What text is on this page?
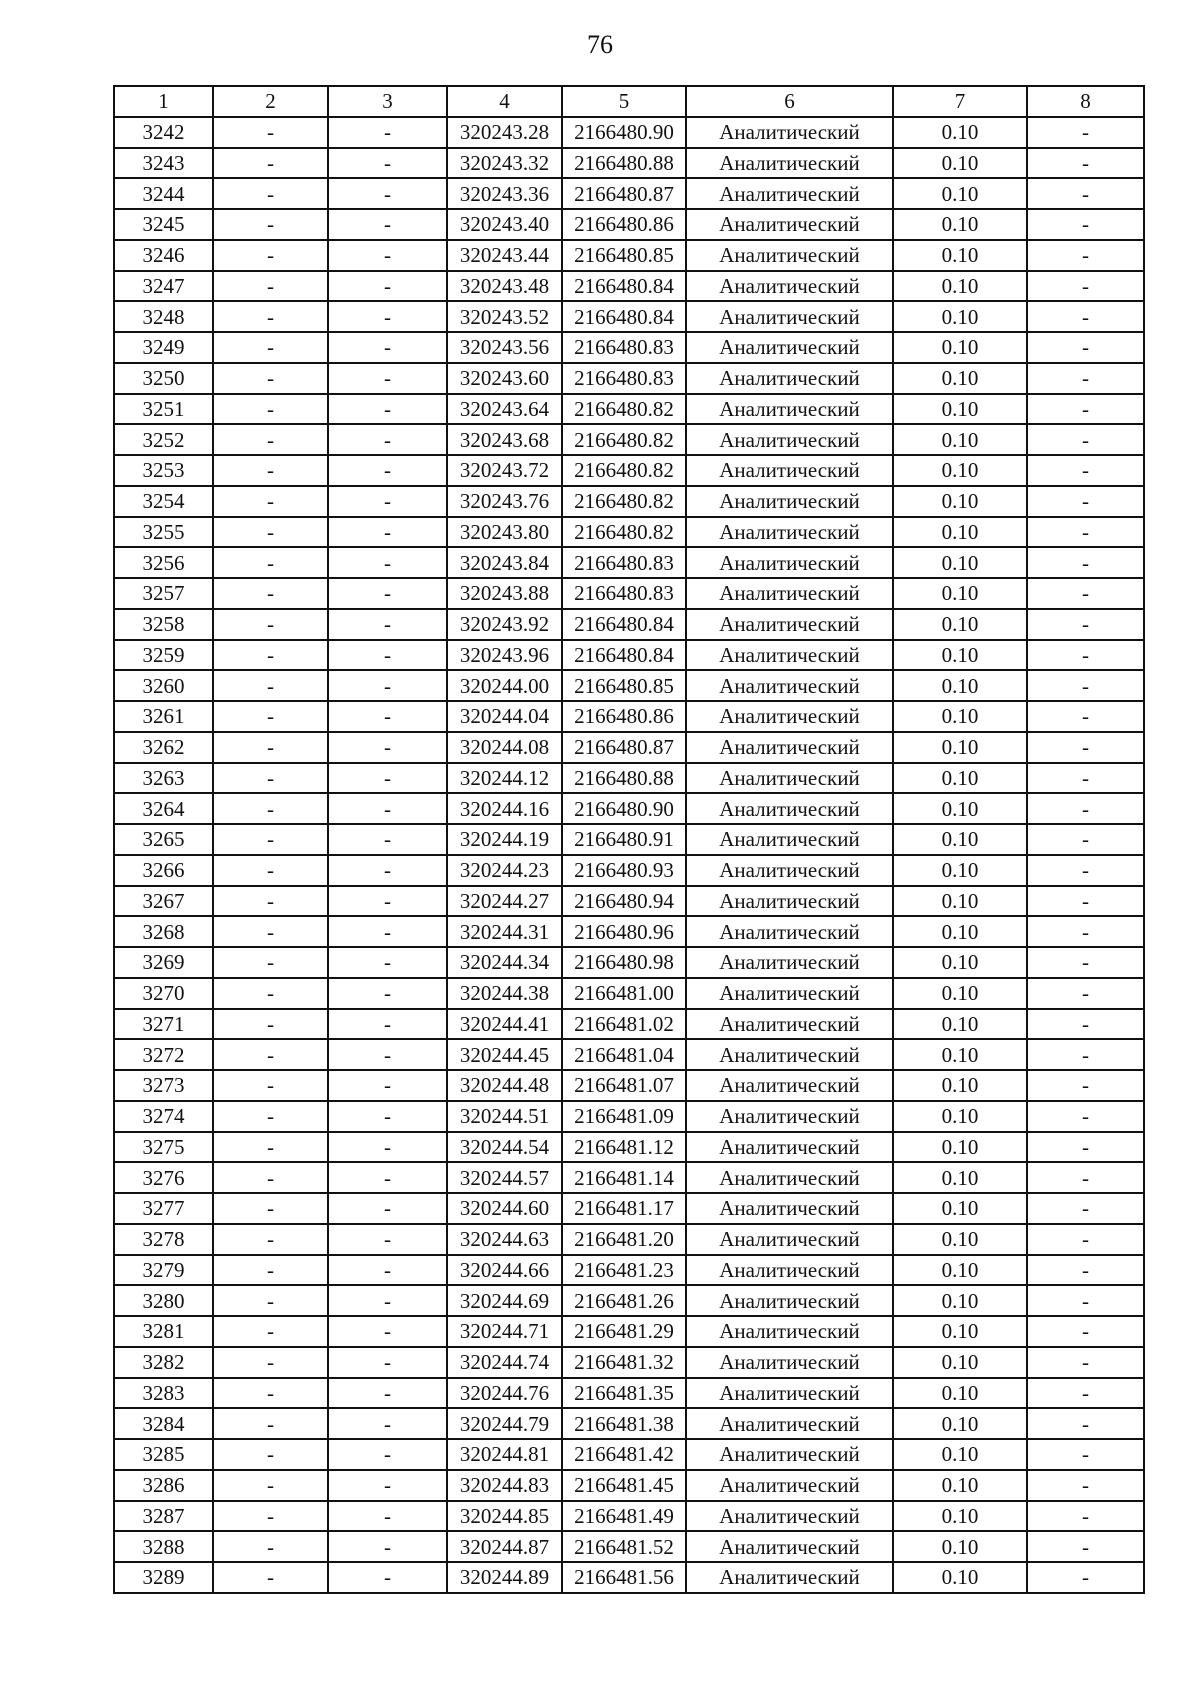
76
1	2	3	4	5	6	7	8
3242	-	-	320243.28	2166480.90	Аналитический	0.10	-
3243	-	-	320243.32	2166480.88	Аналитический	0.10	-
3244	-	-	320243.36	2166480.87	Аналитический	0.10	-
3245	-	-	320243.40	2166480.86	Аналитический	0.10	-
3246	-	-	320243.44	2166480.85	Аналитический	0.10	-
3247	-	-	320243.48	2166480.84	Аналитический	0.10	-
3248	-	-	320243.52	2166480.84	Аналитический	0.10	-
3249	-	-	320243.56	2166480.83	Аналитический	0.10	-
3250	-	-	320243.60	2166480.83	Аналитический	0.10	-
3251	-	-	320243.64	2166480.82	Аналитический	0.10	-
3252	-	-	320243.68	2166480.82	Аналитический	0.10	-
3253	-	-	320243.72	2166480.82	Аналитический	0.10	-
3254	-	-	320243.76	2166480.82	Аналитический	0.10	-
3255	-	-	320243.80	2166480.82	Аналитический	0.10	-
3256	-	-	320243.84	2166480.83	Аналитический	0.10	-
3257	-	-	320243.88	2166480.83	Аналитический	0.10	-
3258	-	-	320243.92	2166480.84	Аналитический	0.10	-
3259	-	-	320243.96	2166480.84	Аналитический	0.10	-
3260	-	-	320244.00	2166480.85	Аналитический	0.10	-
3261	-	-	320244.04	2166480.86	Аналитический	0.10	-
3262	-	-	320244.08	2166480.87	Аналитический	0.10	-
3263	-	-	320244.12	2166480.88	Аналитический	0.10	-
3264	-	-	320244.16	2166480.90	Аналитический	0.10	-
3265	-	-	320244.19	2166480.91	Аналитический	0.10	-
3266	-	-	320244.23	2166480.93	Аналитический	0.10	-
3267	-	-	320244.27	2166480.94	Аналитический	0.10	-
3268	-	-	320244.31	2166480.96	Аналитический	0.10	-
3269	-	-	320244.34	2166480.98	Аналитический	0.10	-
3270	-	-	320244.38	2166481.00	Аналитический	0.10	-
3271	-	-	320244.41	2166481.02	Аналитический	0.10	-
3272	-	-	320244.45	2166481.04	Аналитический	0.10	-
3273	-	-	320244.48	2166481.07	Аналитический	0.10	-
3274	-	-	320244.51	2166481.09	Аналитический	0.10	-
3275	-	-	320244.54	2166481.12	Аналитический	0.10	-
3276	-	-	320244.57	2166481.14	Аналитический	0.10	-
3277	-	-	320244.60	2166481.17	Аналитический	0.10	-
3278	-	-	320244.63	2166481.20	Аналитический	0.10	-
3279	-	-	320244.66	2166481.23	Аналитический	0.10	-
3280	-	-	320244.69	2166481.26	Аналитический	0.10	-
3281	-	-	320244.71	2166481.29	Аналитический	0.10	-
3282	-	-	320244.74	2166481.32	Аналитический	0.10	-
3283	-	-	320244.76	2166481.35	Аналитический	0.10	-
3284	-	-	320244.79	2166481.38	Аналитический	0.10	-
3285	-	-	320244.81	2166481.42	Аналитический	0.10	-
3286	-	-	320244.83	2166481.45	Аналитический	0.10	-
3287	-	-	320244.85	2166481.49	Аналитический	0.10	-
3288	-	-	320244.87	2166481.52	Аналитический	0.10	-
3289	-	-	320244.89	2166481.56	Аналитический	0.10	-
